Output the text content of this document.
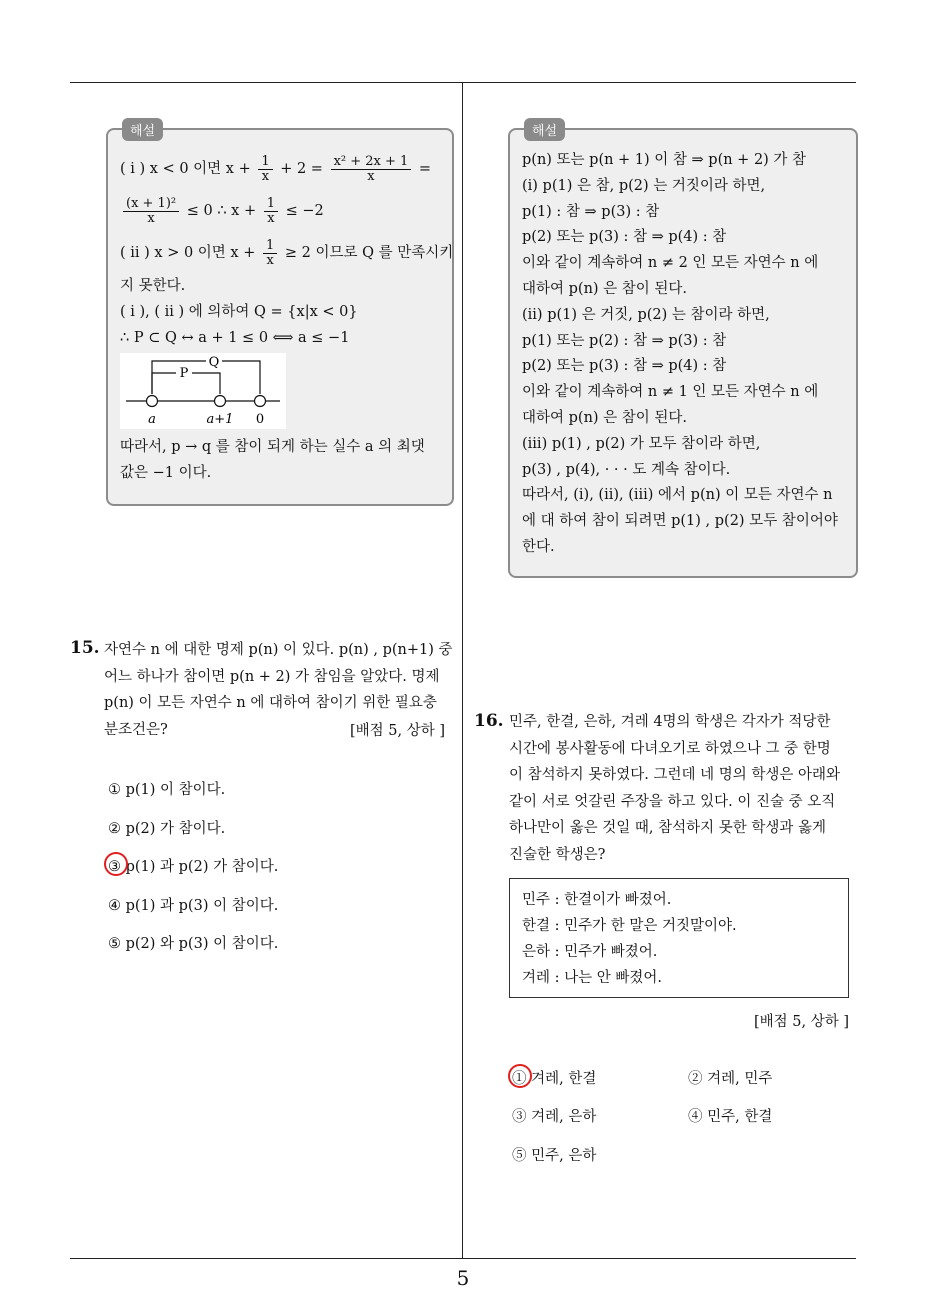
해설
( i ) x < 0 이면 $x + \frac{1}{x} + 2 = \frac{\text{x² + 2x + 1}}{x}$ =
$\frac{\text{(x + 1)²}}{x} \le 0$ ∴ $x + \frac{1}{x} \le -2$
( ii ) x > 0 이면 $x + \frac{1}{x} \ge 2$ 이므로 Q 를 만족시키
지 못한다.
( i ), ( ii ) 에 의하여 Q = {x|x < 0}
∴ P ⊂ Q ↔ a + 1 ≤ 0 ⟺ a ≤ −1
P
Q
a	a+1 0
따라서, p → q 를 참이 되게 하는 실수 a 의 최댓
값은 −1 이다.
해설
p(n) 또는 p(n + 1) 이 참 ⇒ p(n + 2) 가 참
(i) p(1) 은 참, p(2) 는 거짓이라 하면,
p(1) : 참 ⇒ p(3) : 참
p(2) 또는 p(3) : 참 ⇒ p(4) : 참
이와 같이 계속하여 n ≠ 2 인 모든 자연수 n 에
대하여 p(n) 은 참이 된다.
(ii) p(1) 은 거짓, p(2) 는 참이라 하면,
p(1) 또는 p(2) : 참 ⇒ p(3) : 참
p(2) 또는 p(3) : 참 ⇒ p(4) : 참
이와 같이 계속하여 n ≠ 1 인 모든 자연수 n 에
대하여 p(n) 은 참이 된다.
(iii) p(1) , p(2) 가 모두 참이라 하면,
p(3) , p(4), · · · 도 계속 참이다.
따라서, (i), (ii), (iii) 에서 p(n) 이 모든 자연수 n
에 대 하여 참이 되려면 p(1) , p(2) 모두 참이어야
한다.
15. 자연수 n 에 대한 명제 p(n) 이 있다. p(n) , p(n+1) 중
어느 하나가 참이면 p(n + 2) 가 참임을 알았다. 명제
p(n) 이 모든 자연수 n 에 대하여 참이기 위한 필요충
분조건은?	[배점 5, 상하 ]
① p(1) 이 참이다.
② p(2) 가 참이다.
③ p(1) 과 p(2) 가 참이다.
④ p(1) 과 p(3) 이 참이다.
⑤ p(2) 와 p(3) 이 참이다.
16. 민주, 한결, 은하, 겨레 4명의 학생은 각자가 적당한
시간에 봉사활동에 다녀오기로 하였으나 그 중 한명
이 참석하지 못하였다. 그런데 네 명의 학생은 아래와
같이 서로 엇갈린 주장을 하고 있다. 이 진술 중 오직
하나만이 옳은 것일 때, 참석하지 못한 학생과 옳게
진술한 학생은?
민주 : 한결이가 빠졌어.
한결 : 민주가 한 말은 거짓말이야.
은하 : 민주가 빠졌어.
겨레 : 나는 안 빠졌어.
[배점 5, 상하 ]
① 겨레, 한결	② 겨레, 민주
③ 겨레, 은하	④ 민주, 한결
⑤ 민주, 은하
5
